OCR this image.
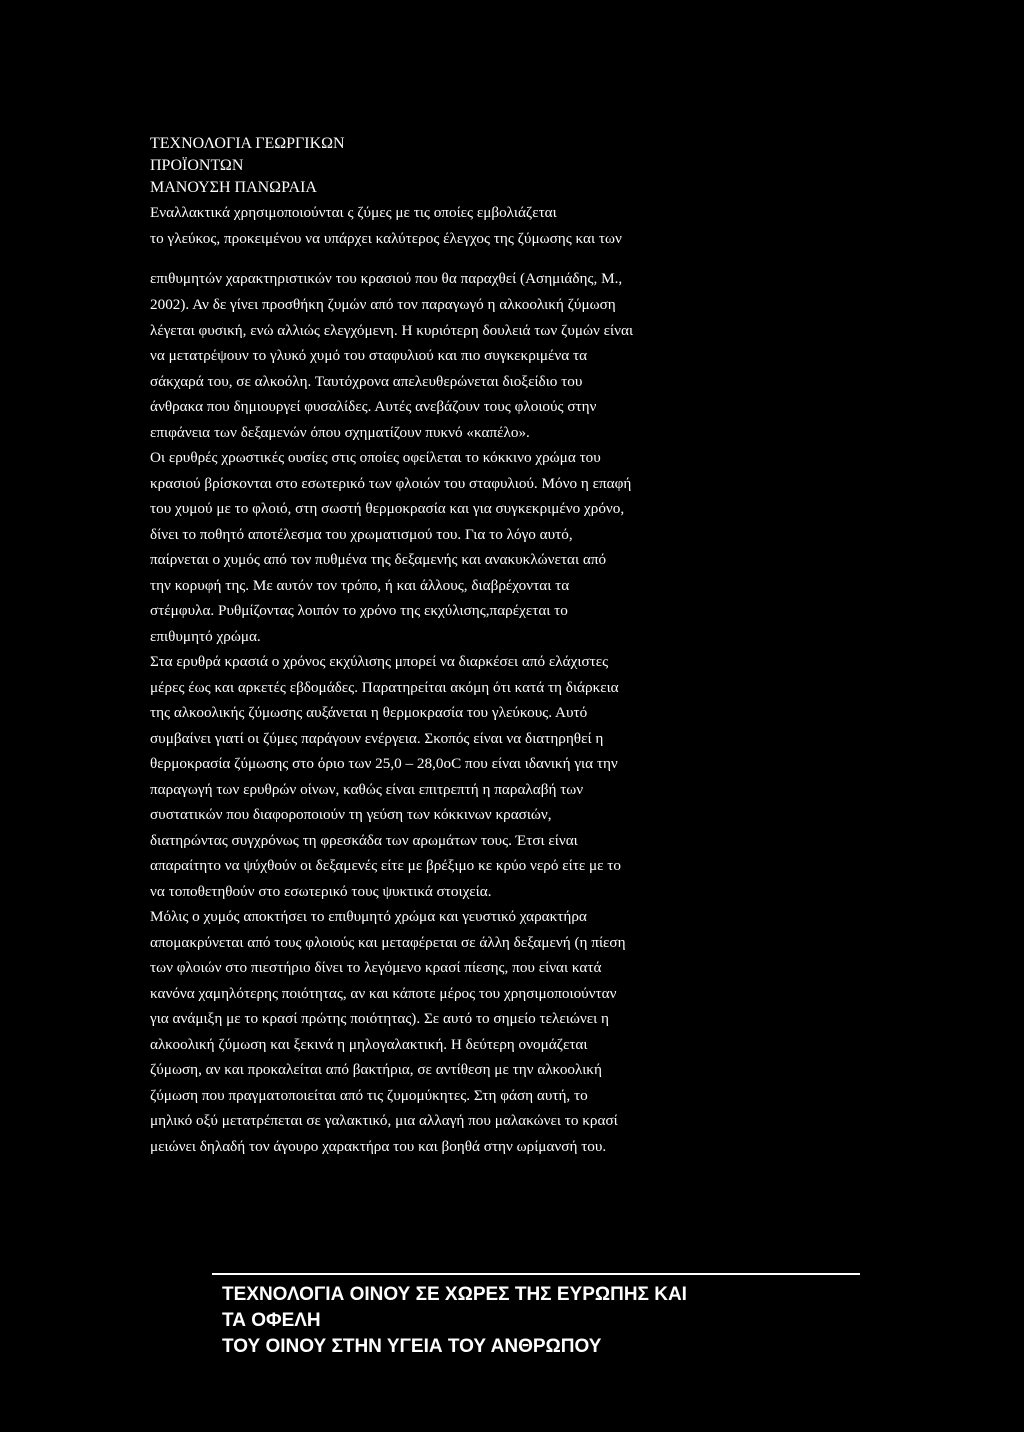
ΤΕΧΝΟΛΟΓΙΑ ΓΕΩΡΓΙΚΩΝ
ΠΡΟΪΟΝΤΩΝ
ΜΑΝΟΥΣΗ ΠΑΝΩΡΑΙΑ
Εναλλακτικά χρησιμοποιούνται ς ζύμες με τις οποίες εμβολιάζεται
το γλεύκος, προκειμένου να υπάρχει καλύτερος έλεγχος της ζύμωσης και των
επιθυμητών χαρακτηριστικών του κρασιού που θα παραχθεί (Ασημιάδης, Μ.,
2002). Αν δε γίνει προσθήκη ζυμών από τον παραγωγό η αλκοολική ζύμωση
λέγεται φυσική, ενώ αλλιώς ελεγχόμενη. Η κυριότερη δουλειά των ζυμών είναι
να μετατρέψουν το γλυκό χυμό του σταφυλιού και πιο συγκεκριμένα τα
σάκχαρά του, σε αλκοόλη. Ταυτόχρονα απελευθερώνεται διοξείδιο του
άνθρακα που δημιουργεί φυσαλίδες. Αυτές ανεβάζουν τους φλοιούς στην
επιφάνεια των δεξαμενών όπου σχηματίζουν πυκνό «καπέλο».
Οι ερυθρές χρωστικές ουσίες στις οποίες οφείλεται το κόκκινο χρώμα του
κρασιού βρίσκονται στο εσωτερικό των φλοιών του σταφυλιού. Μόνο η επαφή
του χυμού με το φλοιό, στη σωστή θερμοκρασία και για συγκεκριμένο χρόνο,
δίνει το ποθητό αποτέλεσμα του χρωματισμού του. Για το λόγο αυτό,
παίρνεται ο χυμός από τον πυθμένα της δεξαμενής και ανακυκλώνεται από
την κορυφή της. Με αυτόν τον τρόπο, ή και άλλους, διαβρέχονται τα
στέμφυλα. Ρυθμίζοντας λοιπόν το χρόνο της εκχύλισης,παρέχεται το
επιθυμητό χρώμα.
Στα ερυθρά κρασιά ο χρόνος εκχύλισης μπορεί να διαρκέσει από ελάχιστες
μέρες έως και αρκετές εβδομάδες. Παρατηρείται ακόμη ότι κατά τη διάρκεια
της αλκοολικής ζύμωσης αυξάνεται η θερμοκρασία του γλεύκους. Αυτό
συμβαίνει γιατί οι ζύμες παράγουν ενέργεια. Σκοπός είναι να διατηρηθεί η
θερμοκρασία ζύμωσης στο όριο των 25,0 – 28,0oC που είναι ιδανική για την
παραγωγή των ερυθρών οίνων, καθώς είναι επιτρεπτή η παραλαβή των
συστατικών που διαφοροποιούν τη γεύση των κόκκινων κρασιών,
διατηρώντας συγχρόνως τη φρεσκάδα των αρωμάτων τους. Έτσι είναι
απαραίτητο να ψύχθούν οι δεξαμενές είτε με βρέξιμο κε κρύο νερό είτε με το
να τοποθετηθούν στο εσωτερικό τους ψυκτικά στοιχεία.
Μόλις ο χυμός αποκτήσει το επιθυμητό χρώμα και γευστικό χαρακτήρα
απομακρύνεται από τους φλοιούς και μεταφέρεται σε άλλη δεξαμενή (η πίεση
των φλοιών στο πιεστήριο δίνει το λεγόμενο κρασί πίεσης, που είναι κατά
κανόνα χαμηλότερης ποιότητας, αν και κάποτε μέρος του χρησιμοποιούνταν
για ανάμιξη με το κρασί πρώτης ποιότητας). Σε αυτό το σημείο τελειώνει η
αλκοολική ζύμωση και ξεκινά η μηλογαλακτική. Η δεύτερη ονομάζεται
ζύμωση, αν και προκαλείται από βακτήρια, σε αντίθεση με την αλκοολική
ζύμωση που πραγματοποιείται από τις ζυμομύκητες. Στη φάση αυτή, το
μηλικό οξύ μετατρέπεται σε γαλακτικό, μια αλλαγή που μαλακώνει το κρασί
μειώνει δηλαδή τον άγουρο χαρακτήρα του και βοηθά στην ωρίμανσή του.
ΤΕΧΝΟΛΟΓΙΑ ΟΙΝΟΥ ΣΕ ΧΩΡΕΣ ΤΗΣ ΕΥΡΩΠΗΣ ΚΑΙ
ΤΑ ΟΦΕΛΗ
ΤΟΥ ΟΙΝΟΥ ΣΤΗΝ ΥΓΕΙΑ ΤΟΥ ΑΝΘΡΩΠΟΥ
